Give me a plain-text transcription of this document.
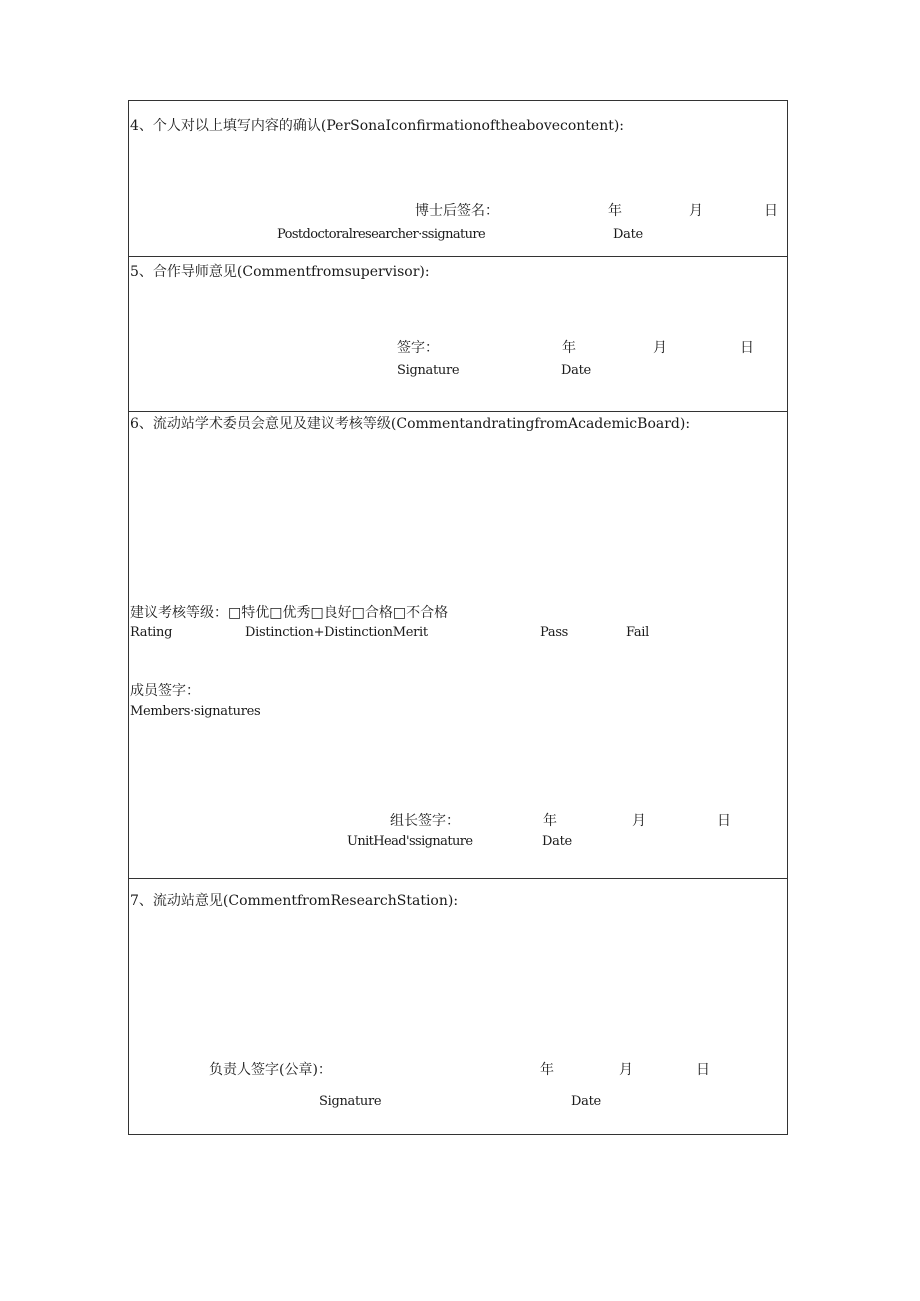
4、个人对以上填写内容的确认(PerSonaIconfirmationoftheabovecontent):
博士后签名：	年	月	日
Postdoctoralresearcher·ssignature	Date
5、合作导师意见(Commentfromsupervisor):
签字：	年	月	日
Signature	Date
6、流动站学术委员会意见及建议考核等级(CommentandratingfromAcademicBoard):
建议考核等级：□特优□优秀□良好□合格□不合格
Rating	Distinction+DistinctionMerit	Pass	Fail
成员签字：
Members·signatures
组长签字：	年	月	日
UnitHead'ssignature	Date
7、流动站意见(CommentfromResearchStation):
负责人签字(公章)：	年	月	日
Signature	Date
